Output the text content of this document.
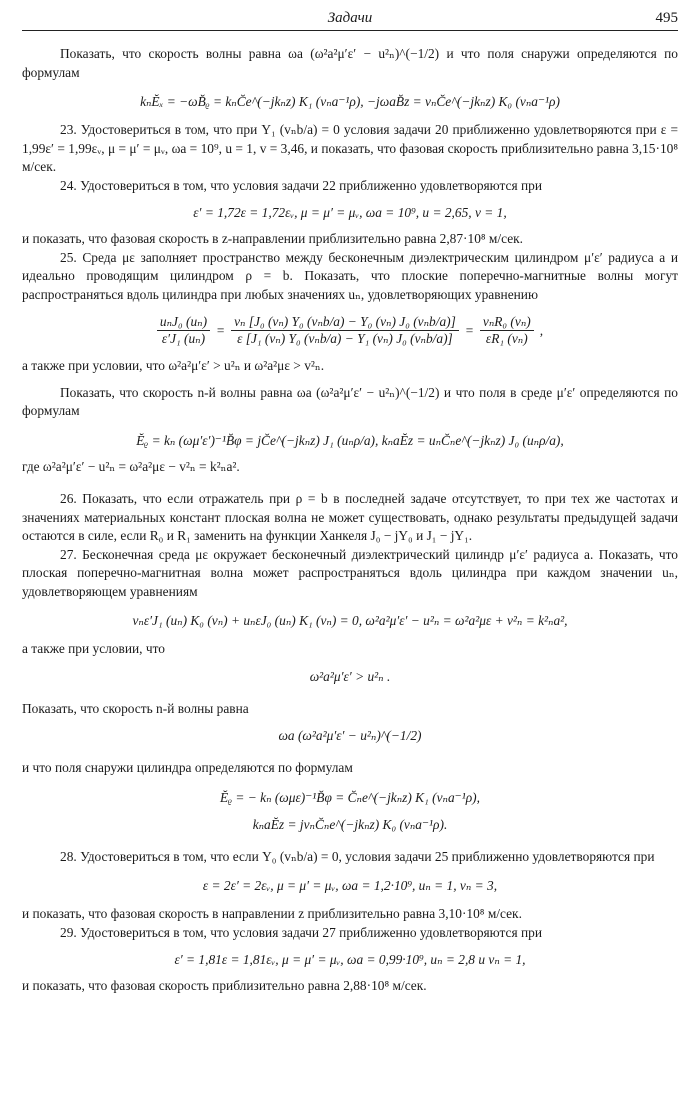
Задачи	495

Показать, что скорость волны равна ωa (ω²a²μ′ε′ − u²ₙ)^(−1/2) и что поля снаружи определяются по формулам

kₙĔₓ = −ωB̆ᵨ = kₙC̆e^(−jkₙz) K₁ (vₙa⁻¹ρ), −jωaB̆z = vₙC̆e^(−jkₙz) K₀ (vₙa⁻¹ρ)

23. Удостовериться в том, что при Y₁ (vₙb/a) = 0 условия задачи 20 приближенно удовлетворяются при ε = 1,99ε′ = 1,99εᵥ, μ = μ′ = μᵥ, ωa = 10⁹, u = 1, v = 3,46, и показать, что фазовая скорость приблизительно равна 3,15·10⁸ м/сек.

24. Удостовериться в том, что условия задачи 22 приближенно удовлетворяются при

ε′ = 1,72ε = 1,72εᵥ, μ = μ′ = μᵥ, ωa = 10⁹, u = 2,65, v = 1,

и показать, что фазовая скорость в z-направлении приблизительно равна 2,87·10⁸ м/сек.

25. Среда με заполняет пространство между бесконечным диэлектрическим цилиндром μ′ε′ радиуса a и идеально проводящим цилиндром ρ = b. Показать, что плоские поперечно-магнитные волны могут распространяться вдоль цилиндра при любых значениях uₙ, удовлетворяющих уравнению

$\frac{\text{uₙJ₀ (uₙ)}}{\text{ε′J₁ (uₙ)}} = \frac{\text{vₙ [J₀ (vₙ) Y₀ (vₙb/a) − Y₀ (vₙ) J₀ (vₙb/a)]}}{\text{ε [J₁ (vₙ) Y₀ (vₙb/a) − Y₁ (vₙ) J₀ (vₙb/a)]}} = \frac{\text{vₙR₀ (vₙ)}}{\text{εR₁ (vₙ)}}$ ,

а также при условии, что ω²a²μ′ε′ > u²ₙ и ω²a²με > v²ₙ.

Показать, что скорость n-й волны равна ωa (ω²a²μ′ε′ − u²ₙ)^(−1/2) и что поля в среде μ′ε′ определяются по формулам

Ĕᵨ = kₙ (ωμ′ε′)⁻¹B̆φ = jC̆e^(−jkₙz) J₁ (uₙρ/a), kₙaĔz = uₙC̆ₙe^(−jkₙz) J₀ (uₙρ/a),

где ω²a²μ′ε′ − u²ₙ = ω²a²με − v²ₙ = k²ₙa².

26. Показать, что если отражатель при ρ = b в последней задаче отсутствует, то при тех же частотах и значениях материальных констант плоская волна не может существовать, однако результаты предыдущей задачи остаются в силе, если R₀ и R₁ заменить на функции Ханкеля J₀ − jY₀ и J₁ − jY₁.

27. Бесконечная среда με окружает бесконечный диэлектрический цилиндр μ′ε′ радиуса a. Показать, что плоская поперечно-магнитная волна может распространяться вдоль цилиндра при каждом значении uₙ, удовлетворяющем уравнениям

vₙε′J₁ (uₙ) K₀ (vₙ) + uₙεJ₀ (uₙ) K₁ (vₙ) = 0, ω²a²μ′ε′ − u²ₙ = ω²a²με + v²ₙ = k²ₙa²,

а также при условии, что

ω²a²μ′ε′ > u²ₙ .

Показать, что скорость n-й волны равна

ωa (ω²a²μ′ε′ − u²ₙ)^(−1/2)

и что поля снаружи цилиндра определяются по формулам

Ĕᵨ = − kₙ (ωμε)⁻¹B̆φ = C̆ₙe^(−jkₙz) K₁ (vₙa⁻¹ρ),
kₙaĔz = jvₙC̆ₙe^(−jkₙz) K₀ (vₙa⁻¹ρ).

28. Удостовериться в том, что если Y₀ (vₙb/a) = 0, условия задачи 25 приближенно удовлетворяются при

ε = 2ε′ = 2εᵥ, μ = μ′ = μᵥ, ωa = 1,2·10⁹, uₙ = 1, vₙ = 3,

и показать, что фазовая скорость в направлении z приблизительно равна 3,10·10⁸ м/сек.

29. Удостовериться в том, что условия задачи 27 приближенно удовлетворяются при

ε′ = 1,81ε = 1,81εᵥ, μ = μ′ = μᵥ, ωa = 0,99·10⁹, uₙ = 2,8 и vₙ = 1,

и показать, что фазовая скорость приблизительно равна 2,88·10⁸ м/сек.
